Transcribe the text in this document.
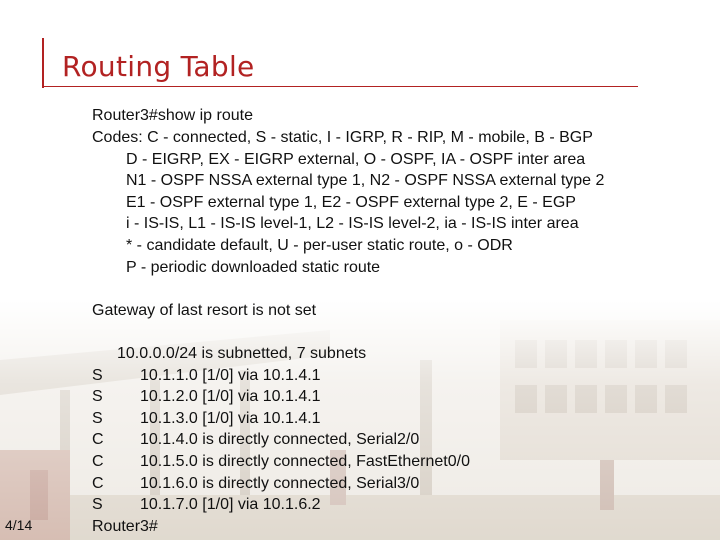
Routing Table
Router3#show ip route
Codes: C - connected, S - static, I - IGRP, R - RIP, M - mobile, B - BGP
D - EIGRP, EX - EIGRP external, O - OSPF, IA - OSPF inter area
N1 - OSPF NSSA external type 1, N2 - OSPF NSSA external type 2
E1 - OSPF external type 1, E2 - OSPF external type 2, E - EGP
i - IS-IS, L1 - IS-IS level-1, L2 - IS-IS level-2, ia - IS-IS inter area
* - candidate default, U - per-user static route, o - ODR
P - periodic downloaded static route
Gateway of last resort is not set
10.0.0.0/24 is subnetted, 7 subnets
S 10.1.1.0 [1/0] via 10.1.4.1
S 10.1.2.0 [1/0] via 10.1.4.1
S 10.1.3.0 [1/0] via 10.1.4.1
C 10.1.4.0 is directly connected, Serial2/0
C 10.1.5.0 is directly connected, FastEthernet0/0
C 10.1.6.0 is directly connected, Serial3/0
S 10.1.7.0 [1/0] via 10.1.6.2
Router3#
4/14
